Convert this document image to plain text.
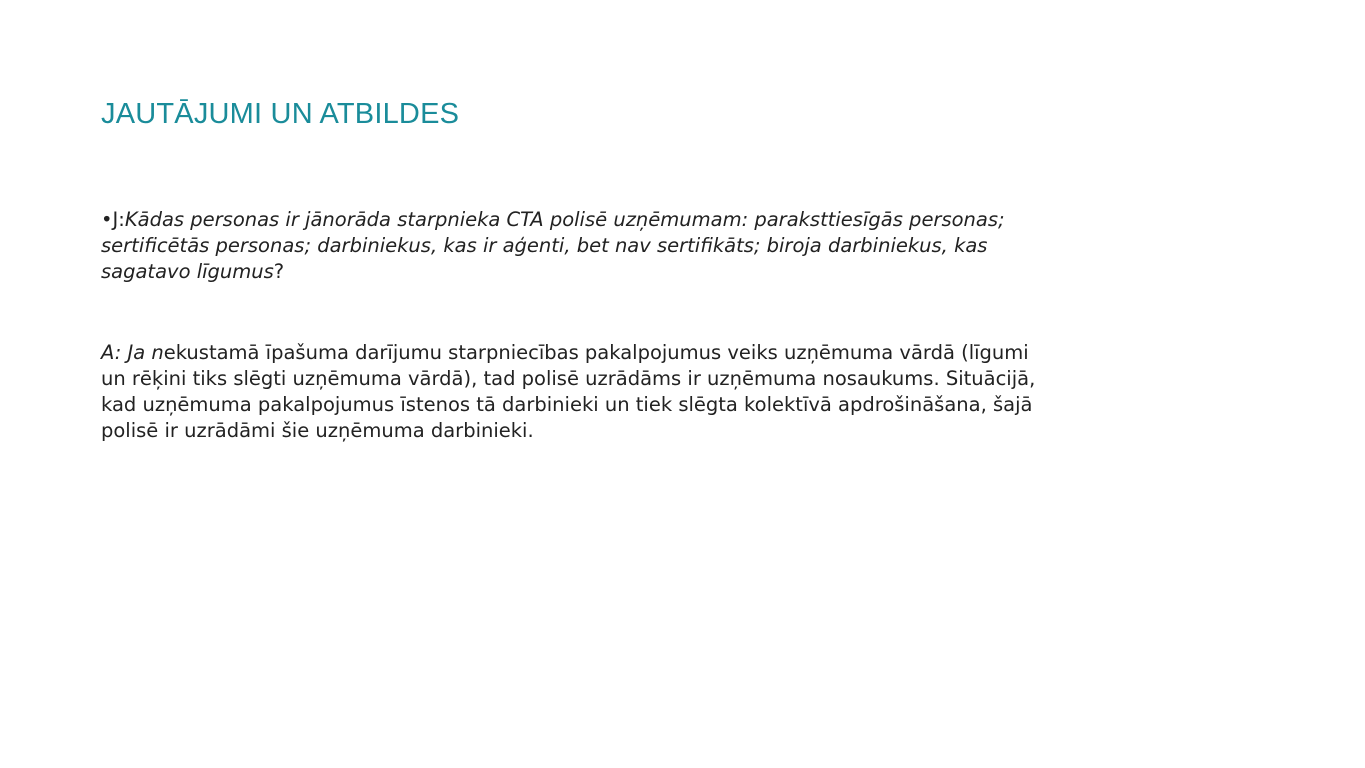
JAUTĀJUMI UN ATBILDES

•J:Kādas personas ir jānorāda starpnieka CTA polisē uzņēmumam: paraksttiesīgās personas;
sertificētās personas; darbiniekus, kas ir aģenti, bet nav sertifikāts; biroja darbiniekus, kas
sagatavo līgumus?

A: Ja nekustamā īpašuma darījumu starpniecības pakalpojumus veiks uzņēmuma vārdā (līgumi
un rēķini tiks slēgti uzņēmuma vārdā), tad polisē uzrādāms ir uzņēmuma nosaukums. Situācijā,
kad uzņēmuma pakalpojumus īstenos tā darbinieki un tiek slēgta kolektīvā apdrošināšana, šajā
polisē ir uzrādāmi šie uzņēmuma darbinieki.
